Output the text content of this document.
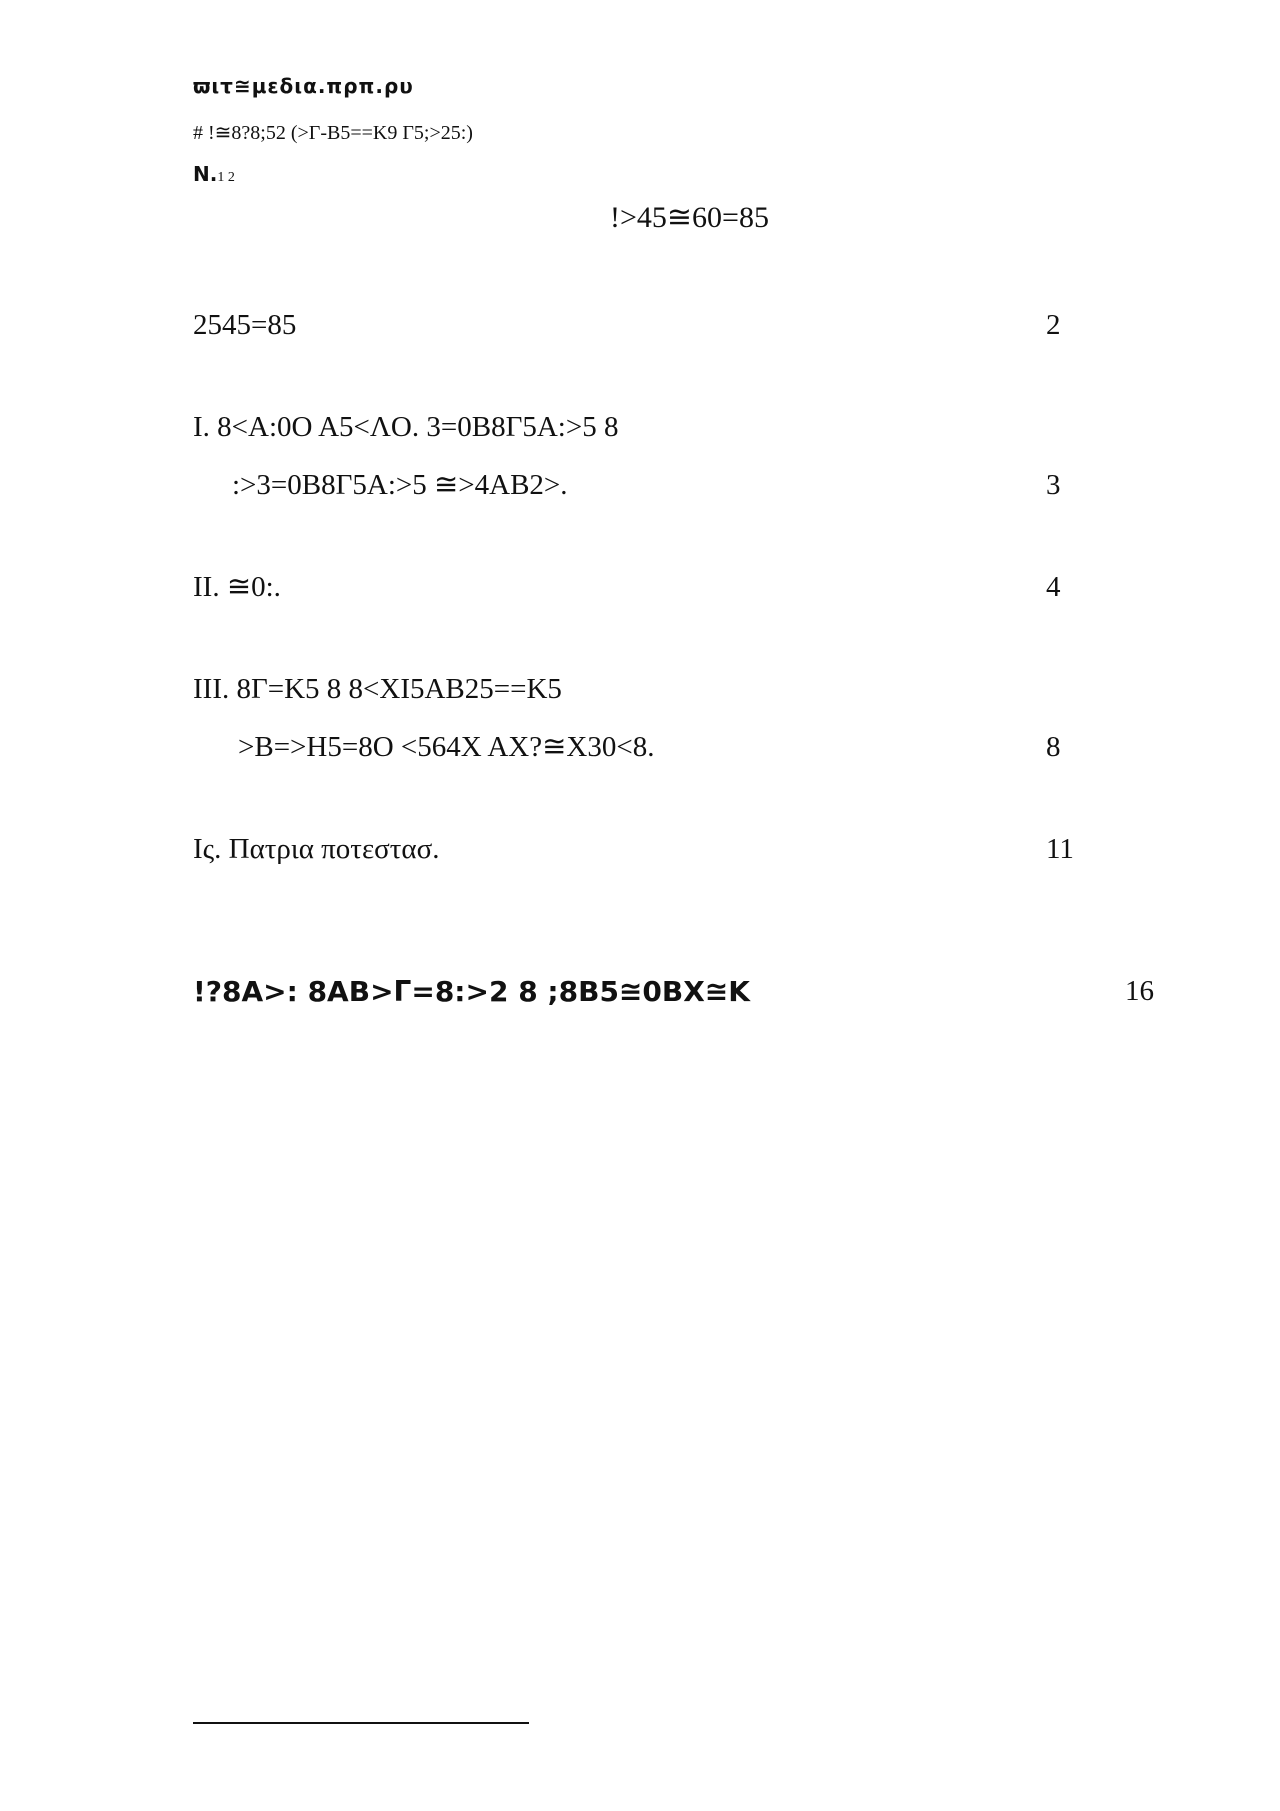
ϖιτ≅μεδια.πρπ.ρυ
# !≅8?8;52 (>Γ-B5==K9 Γ5;>25:)
N.1 2
!>45≅60=85
2545=85	2
I. 8<A:0O A5<ΛO. 3=0B8Γ5A:>5 8
:>3=0B8Γ5A:>5 ≅>4AB2>.	3
II. ≅0:.	4
III. 8Γ=K5 8 8<XI5AB25==K5
>B=>H5=8O <564X AX?≅X30<8.	8
Iς. Πατρια ποτεστασ.	11
!?8A>: 8AB>Γ=8:>2 8 ;8B5≅0BX≅K	16
